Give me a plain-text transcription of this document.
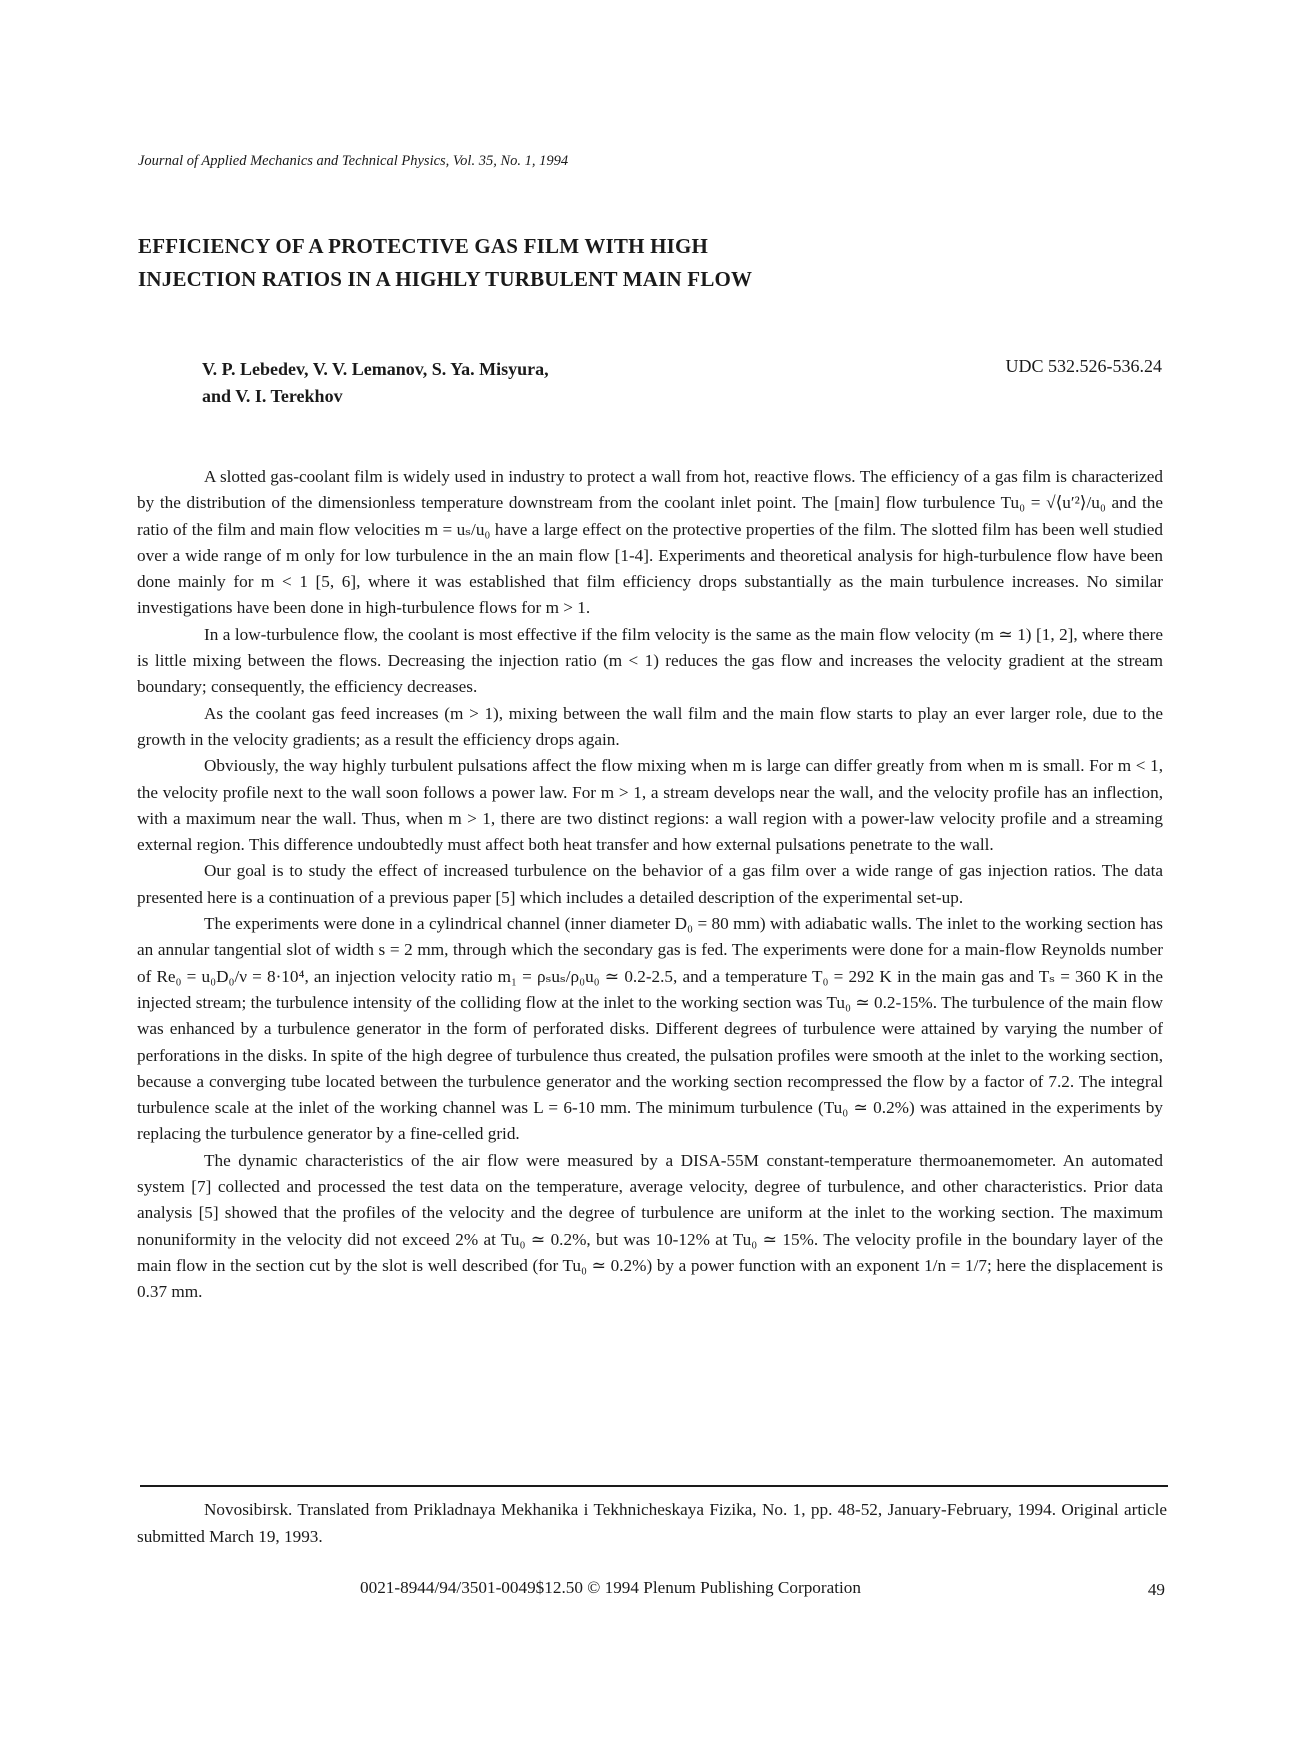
Journal of Applied Mechanics and Technical Physics, Vol. 35, No. 1, 1994
EFFICIENCY OF A PROTECTIVE GAS FILM WITH HIGH
INJECTION RATIOS IN A HIGHLY TURBULENT MAIN FLOW
V. P. Lebedev, V. V. Lemanov, S. Ya. Misyura,
and V. I. Terekhov
UDC 532.526-536.24

A slotted gas-coolant film is widely used in industry to protect a wall from hot, reactive flows. The efficiency of a gas film is characterized by the distribution of the dimensionless temperature downstream from the coolant inlet point. The [main] flow turbulence Tu₀ = √⟨u′²⟩/u₀ and the ratio of the film and main flow velocities m = uₛ/u₀ have a large effect on the protective properties of the film. The slotted film has been well studied over a wide range of m only for low turbulence in the an main flow [1-4]. Experiments and theoretical analysis for high-turbulence flow have been done mainly for m < 1 [5, 6], where it was established that film efficiency drops substantially as the main turbulence increases. No similar investigations have been done in high-turbulence flows for m > 1.

In a low-turbulence flow, the coolant is most effective if the film velocity is the same as the main flow velocity (m ≃ 1) [1, 2], where there is little mixing between the flows. Decreasing the injection ratio (m < 1) reduces the gas flow and increases the velocity gradient at the stream boundary; consequently, the efficiency decreases.

As the coolant gas feed increases (m > 1), mixing between the wall film and the main flow starts to play an ever larger role, due to the growth in the velocity gradients; as a result the efficiency drops again.

Obviously, the way highly turbulent pulsations affect the flow mixing when m is large can differ greatly from when m is small. For m < 1, the velocity profile next to the wall soon follows a power law. For m > 1, a stream develops near the wall, and the velocity profile has an inflection, with a maximum near the wall. Thus, when m > 1, there are two distinct regions: a wall region with a power-law velocity profile and a streaming external region. This difference undoubtedly must affect both heat transfer and how external pulsations penetrate to the wall.

Our goal is to study the effect of increased turbulence on the behavior of a gas film over a wide range of gas injection ratios. The data presented here is a continuation of a previous paper [5] which includes a detailed description of the experimental set-up.

The experiments were done in a cylindrical channel (inner diameter D₀ = 80 mm) with adiabatic walls. The inlet to the working section has an annular tangential slot of width s = 2 mm, through which the secondary gas is fed. The experiments were done for a main-flow Reynolds number of Re₀ = u₀D₀/ν = 8·10⁴, an injection velocity ratio m₁ = ρₛuₛ/ρ₀u₀ ≃ 0.2-2.5, and a temperature T₀ = 292 K in the main gas and Tₛ = 360 K in the injected stream; the turbulence intensity of the colliding flow at the inlet to the working section was Tu₀ ≃ 0.2-15%. The turbulence of the main flow was enhanced by a turbulence generator in the form of perforated disks. Different degrees of turbulence were attained by varying the number of perforations in the disks. In spite of the high degree of turbulence thus created, the pulsation profiles were smooth at the inlet to the working section, because a converging tube located between the turbulence generator and the working section recompressed the flow by a factor of 7.2. The integral turbulence scale at the inlet of the working channel was L = 6-10 mm. The minimum turbulence (Tu₀ ≃ 0.2%) was attained in the experiments by replacing the turbulence generator by a fine-celled grid.

The dynamic characteristics of the air flow were measured by a DISA-55M constant-temperature thermoanemometer. An automated system [7] collected and processed the test data on the temperature, average velocity, degree of turbulence, and other characteristics. Prior data analysis [5] showed that the profiles of the velocity and the degree of turbulence are uniform at the inlet to the working section. The maximum nonuniformity in the velocity did not exceed 2% at Tu₀ ≃ 0.2%, but was 10-12% at Tu₀ ≃ 15%. The velocity profile in the boundary layer of the main flow in the section cut by the slot is well described (for Tu₀ ≃ 0.2%) by a power function with an exponent 1/n = 1/7; here the displacement is 0.37 mm.

Novosibirsk. Translated from Prikladnaya Mekhanika i Tekhnicheskaya Fizika, No. 1, pp. 48-52, January-February, 1994. Original article submitted March 19, 1993.
0021-8944/94/3501-0049$12.50 © 1994 Plenum Publishing Corporation	49
